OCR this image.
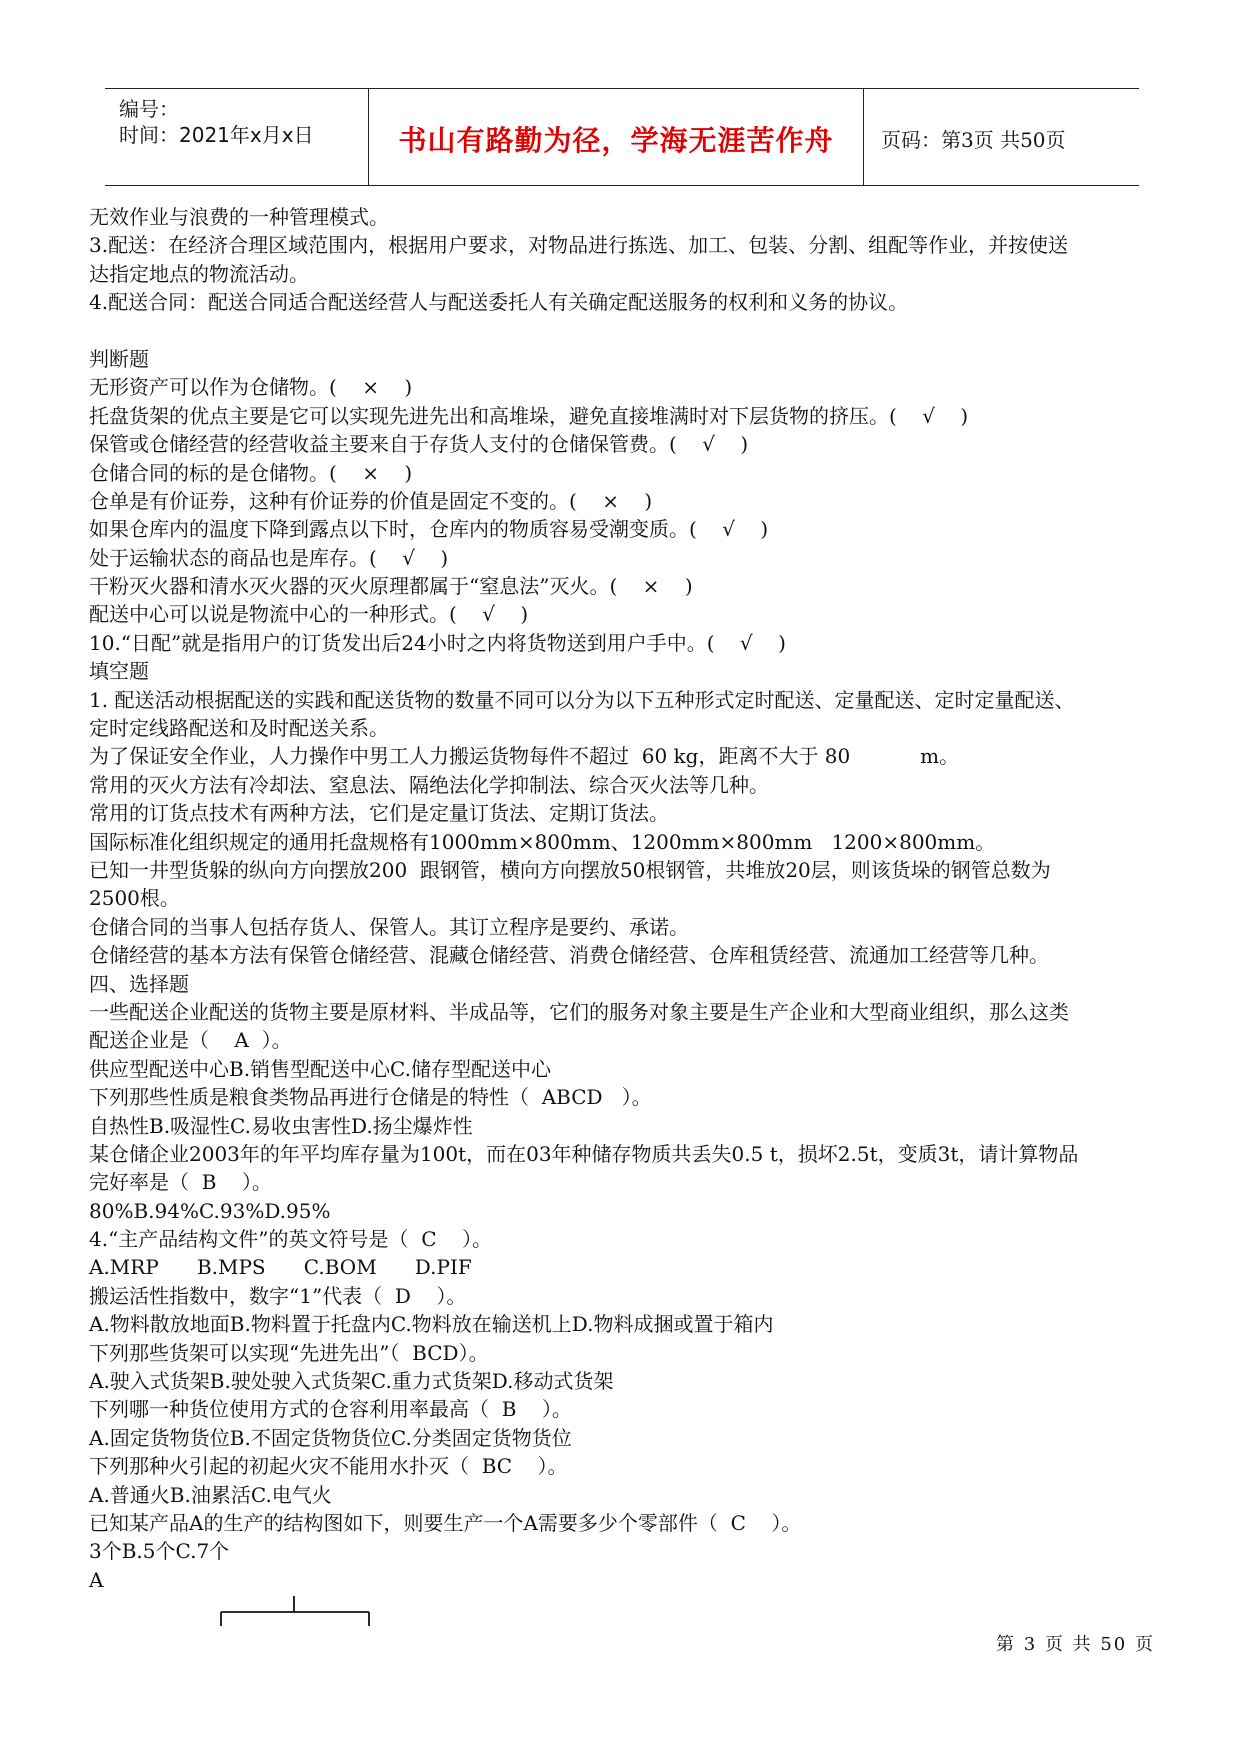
编号：
时间：2021年x月x日	书山有路勤为径，学海无涯苦作舟	页码：第3页 共50页
无效作业与浪费的一种管理模式。
3.配送：在经济合理区域范围内，根据用户要求，对物品进行拣选、加工、包装、分割、组配等作业，并按使送
达指定地点的物流活动。
4.配送合同：配送合同适合配送经营人与配送委托人有关确定配送服务的权利和义务的协议。
判断题
无形资产可以作为仓储物。(    ×    )
托盘货架的优点主要是它可以实现先进先出和高堆垛，避免直接堆满时对下层货物的挤压。(    √    )
保管或仓储经营的经营收益主要来自于存货人支付的仓储保管费。(    √    )
仓储合同的标的是仓储物。(    ×    )
仓单是有价证券，这种有价证券的价值是固定不变的。(    ×    )
如果仓库内的温度下降到露点以下时，仓库内的物质容易受潮变质。(    √    )
处于运输状态的商品也是库存。(    √    )
干粉灭火器和清水灭火器的灭火原理都属于“窒息法”灭火。(    ×    )
配送中心可以说是物流中心的一种形式。(    √    )
10.“日配”就是指用户的订货发出后24小时之内将货物送到用户手中。(    √    )
填空题
1. 配送活动根据配送的实践和配送货物的数量不同可以分为以下五种形式定时配送、定量配送、定时定量配送、
定时定线路配送和及时配送关系。
为了保证安全作业，人力操作中男工人力搬运货物每件不超过  60 kg，距离不大于 80           m。
常用的灭火方法有冷却法、窒息法、隔绝法化学抑制法、综合灭火法等几种。
常用的订货点技术有两种方法，它们是定量订货法、定期订货法。
国际标准化组织规定的通用托盘规格有1000mm×800mm、1200mm×800mm   1200×800mm。
已知一井型货躲的纵向方向摆放200  跟钢管，横向方向摆放50根钢管，共堆放20层，则该货垛的钢管总数为
2500根。
仓储合同的当事人包括存货人、保管人。其订立程序是要约、承诺。
仓储经营的基本方法有保管仓储经营、混藏仓储经营、消费仓储经营、仓库租赁经营、流通加工经营等几种。
四、选择题
一些配送企业配送的货物主要是原材料、半成品等，它们的服务对象主要是生产企业和大型商业组织，那么这类
配送企业是（    A  ）。
供应型配送中心B.销售型配送中心C.储存型配送中心
下列那些性质是粮食类物品再进行仓储是的特性（  ABCD   ）。
自热性B.吸湿性C.易收虫害性D.扬尘爆炸性
某仓储企业2003年的年平均库存量为100t，而在03年种储存物质共丢失0.5 t，损坏2.5t，变质3t，请计算物品
完好率是（  B    ）。
80%B.94%C.93%D.95%
4.“主产品结构文件”的英文符号是（  C    ）。
A.MRP      B.MPS      C.BOM      D.PIF
搬运活性指数中，数字“1”代表（  D    ）。
A.物料散放地面B.物料置于托盘内C.物料放在输送机上D.物料成捆或置于箱内
下列那些货架可以实现“先进先出”（  BCD）。
A.驶入式货架B.驶处驶入式货架C.重力式货架D.移动式货架
下列哪一种货位使用方式的仓容利用率最高（  B    ）。
A.固定货物货位B.不固定货物货位C.分类固定货物货位
下列那种火引起的初起火灾不能用水扑灭（  BC    ）。
A.普通火B.油累活C.电气火
已知某产品A的生产的结构图如下，则要生产一个A需要多少个零部件（  C    ）。
3个B.5个C.7个
A
第 3 页 共 50 页
